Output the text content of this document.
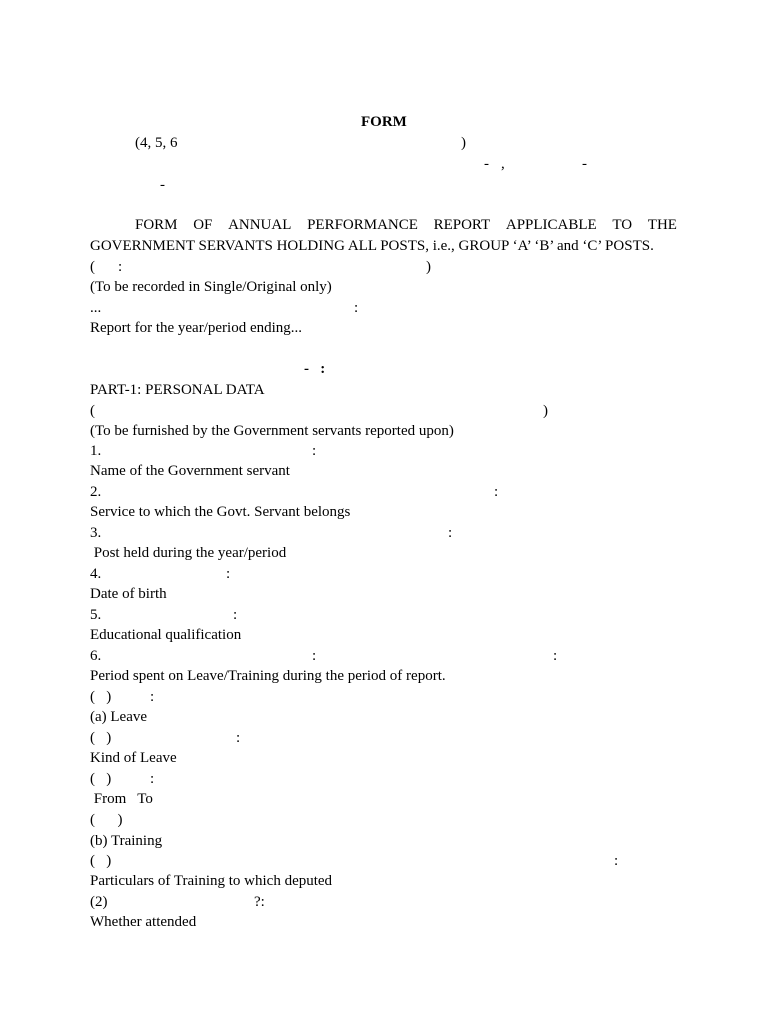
FORM
(4, 5, 6	)
- ,	-
-
FORM OF ANNUAL PERFORMANCE REPORT APPLICABLE TO THE
GOVERNMENT SERVANTS HOLDING ALL POSTS, i.e., GROUP ‘A’ ‘B’ and ‘C’ POSTS.
( :	)
(To be recorded in Single/Original only)
...	:
Report for the year/period ending...
-   :
PART-1: PERSONAL DATA
(	)
(To be furnished by the Government servants reported upon)
1.	:
Name of the Government servant
2.	:
Service to which the Govt. Servant belongs
3.	:
Post held during the year/period
4.	:
Date of birth
5.	:
Educational qualification
6.	:	:
Period spent on Leave/Training during the period of report.
(   )	:
(a) Leave
(   )	:
Kind of Leave
(   )	:
From   To
(      )
(b) Training
(   )	:
Particulars of Training to which deputed
(2)	?:
Whether attended
